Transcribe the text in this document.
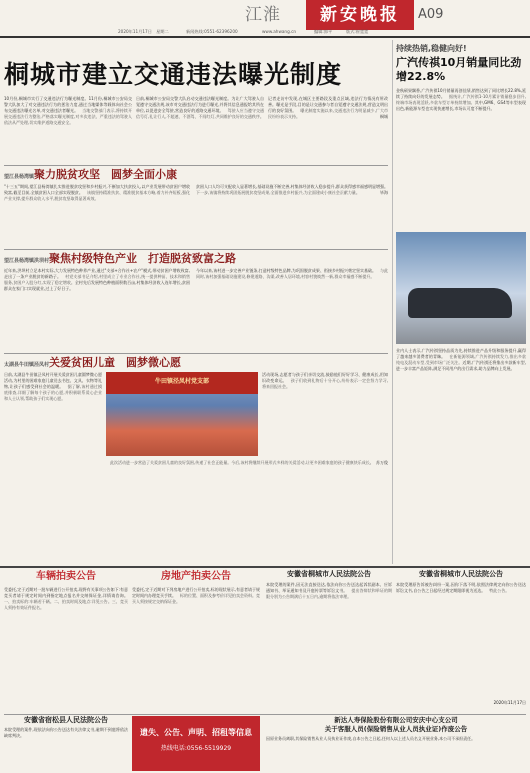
江淮	新安晚报	A09
2020年11月17日　星期二	新闻热线:0551-62396200	www.ahwang.cn	编辑:郭平	版式:崔霆霆
桐城市建立交通违法曝光制度
10月份,桐城市实行了交通违法行为曝光制度。11月份,桐城市公安局交警大队加大了对交通违法行为的惩治力度,通过当地媒体等载体向社会公布交通违法曝光名单,对交通违法者曝光。　当地交警部门表示,将持续开展交通违法行为整治,严格落实曝光制度,对多次违法、严重违法的驾驶人依法从严处理,切实维护道路交通安全。
日前,桐城市公安局交警大队启动交通违法曝光制度。为让广大驾驶人自觉遵守交通法规,该市对交通违法行为进行曝光,并将其信息通报给其所在单位,以促进安全驾驶,营造良好的道路交通环境。　驾驶人应当遵守交通信号灯,礼让行人,不超速、不酒驾、不闯红灯,共同维护良好的交通秩序。
记者走访中发现,在城区主要路段及重点区域,违法行为情况有所改善。曝光是手段,目的是让交通参与者自觉遵守交通法规,营造文明出行的良好氛围。　曝光制度实施以来,交通违法行为明显减少,广大市民纷纷表示支持。	桐城
望江县杨湾镇聚力脱贫攻坚　圆梦全面小康
"十三五"期间,望江县杨湾镇扎实推进脱贫攻坚和乡村振兴,不断加大扶贫投入,以产业发展带动贫困户增收致富,截至目前,全镇贫困人口全部实现脱贫。　该镇坚持精准扶贫、精准脱贫基本方略,着力补齐短板,强化产业支撑,提升群众收入水平,脱贫攻坚取得显著成效。
贫困人口人均可支配收入显著增长,基础设施不断完善,村集体经济收入稳步提升,群众获得感幸福感明显增强。　下一步,该镇将持续巩固拓展脱贫攻坚成果,全面推进乡村振兴,为全面建成小康社会贡献力量。	毕海
望江县杨湾镇洪坝村聚焦村级特色产业　打造脱贫致富之路
近年来,洪坝村立足本村实际,大力发展特色种养产业,通过"支部+合作社+农户"模式,带动贫困户增收致富,走出了一条产业脱贫的新路子。　村党支部书记介绍,村里成立了专业合作社,统一提供种苗、技术和销售服务,贫困户入股分红,实现了稳定增收。全村先后发展特色种植面积数百亩,村集体经济收入连年增长,贫困群众在家门口实现就业,过上了好日子。
今年以来,该村进一步完善产业链条,打造村级特色品牌,为巩固脱贫成果、衔接乡村振兴奠定坚实基础。　与此同时,该村加强基础设施建设,修建道路、沟渠,改善人居环境,村容村貌焕然一新,群众幸福感不断提升。
太湖县牛田镇泾凤村关爱贫困儿童　圆梦微心愿
牛田镇泾凤村党支部
日前,太湖县牛田镇泾凤村开展关爱贫困儿童圆梦微心愿活动,为村里的困难家庭儿童送去书包、文具、衣物等礼物,让孩子们感受到社会的温暖。　据了解,该村通过摸底排查,详细了解每个孩子的心愿,并积极联系爱心企业和人士认领,帮助孩子们实现心愿。
活动现场,志愿者与孩子们亲切交流,鼓励他们好好学习、健康成长,用知识改变命运。　孩子们收到礼物后十分开心,纷纷表示一定会努力学习,将来回报社会。
　此次活动进一步营造了关爱贫困儿童的良好氛围,传递了社会正能量。今后,该村将继续开展形式多样的关爱活动,让更多困难家庭的孩子健康快乐成长。 苏万俊
持续热销,稳健向好!
广汽传祺10月销量同比劲增22.8%
金秋硕果飘香,广汽传祺10月销量再创佳绩,销售达到了同比增长22.8%,延续了持续向好的发展态势。　据统计,广汽传祺1-10月累计销量稳步回升,终端市场表现活跃,多款车型订单持续增加。其中,GM6、GS4等车型表现出色,新能源车型也实现快速增长,市场认可度不断提升。
业内人士表示,广汽传祺坚持品质为先,持续推进产品升级和服务提升,赢得了越来越多消费者的青睐。　在新能源领域,广汽传祺持续发力,推出多款纯电及混动车型,受到市场广泛关注。近期,广汽传祺还将推出多款新车型,进一步丰富产品矩阵,满足不同用户的出行需求,助力品牌向上发展。
车辆拍卖公告
受委托,定于近期对一批车辆进行公开拍卖,现将有关事项公告如下:有意竞买者请于规定时间内到指定地点报名并交纳保证金,详情请咨询。　一、拍卖标的:车辆若干辆。二、拍卖时间及地点:详见公告。三、竞买人须持有效证件报名。
房地产拍卖公告
受委托,定于近期对下列房地产进行公开拍卖,标的现状展示,有意者请于规定时间内办理竞买手续。　标的位置、面积及参考价详见拍卖会资料。竞买人须按规定交纳保证金。
安徽省桐城市人民法院公告
本院受理的案件,因无法直接送达,依法向你公告送达起诉状副本、应诉通知书、举证通知书及开庭传票等诉讼文书。　提出答辩状和举证的期限分别为公告期满后十五日内,逾期将依法审理。
安徽省桐城市人民法院公告
本院受理原告诉被告纠纷一案,因你下落不明,依照法律规定向你公告送达诉讼文书,自公告之日起经过规定期限即视为送达。　特此公告。
2020年11月17日
安徽省宿松县人民法院公告
本院受理的案件,现依法向你公告送达有关法律文书,逾期不到庭将依法缺席判决。	遗失、公告、声明、招租等信息
热线电话:0556-5519929
新达人寿保险股份有限公司安庆中心支公司
关于客服人员(保险销售从业人员执业证)作废公告
因原业务员离职,其保险销售从业人员执业证作废,自本公告之日起,任何人以上述人员名义开展业务,本公司不承担责任。
